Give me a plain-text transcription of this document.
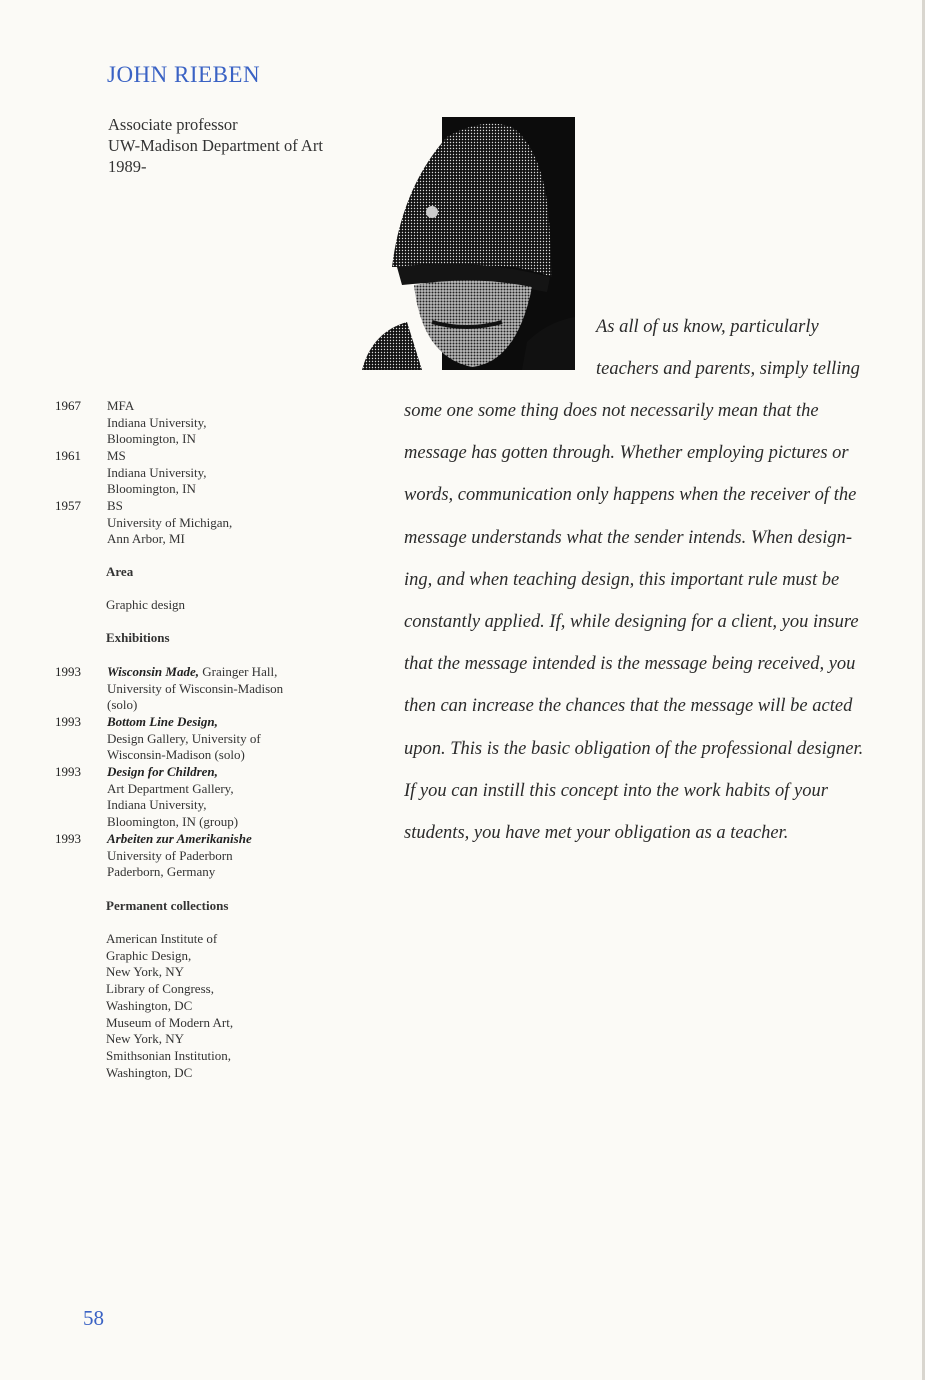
JOHN RIEBEN
Associate professor
UW-Madison Department of Art
1989-
As all of us know, particularly
teachers and parents, simply telling
some one some thing does not necessarily mean that the
message has gotten through. Whether employing pictures or
words, communication only happens when the receiver of the
message understands what the sender intends. When design-
ing, and when teaching design, this important rule must be
constantly applied. If, while designing for a client, you insure
that the message intended is the message being received, you
then can increase the chances that the message will be acted
upon. This is the basic obligation of the professional designer.
If you can instill this concept into the work habits of your
students, you have met your obligation as a teacher.
1967 MFA
Indiana University,
Bloomington, IN
1961 MS
Indiana University,
Bloomington, IN
1957 BS
University of Michigan,
Ann Arbor, MI
Area
Graphic design
Exhibitions
1993 Wisconsin Made, Grainger Hall,
University of Wisconsin-Madison
(solo)
1993 Bottom Line Design,
Design Gallery, University of
Wisconsin-Madison (solo)
1993 Design for Children,
Art Department Gallery,
Indiana University,
Bloomington, IN (group)
1993 Arbeiten zur Amerikanishe
University of Paderborn
Paderborn, Germany
Permanent collections
American Institute of
Graphic Design,
New York, NY
Library of Congress,
Washington, DC
Museum of Modern Art,
New York, NY
Smithsonian Institution,
Washington, DC
58
